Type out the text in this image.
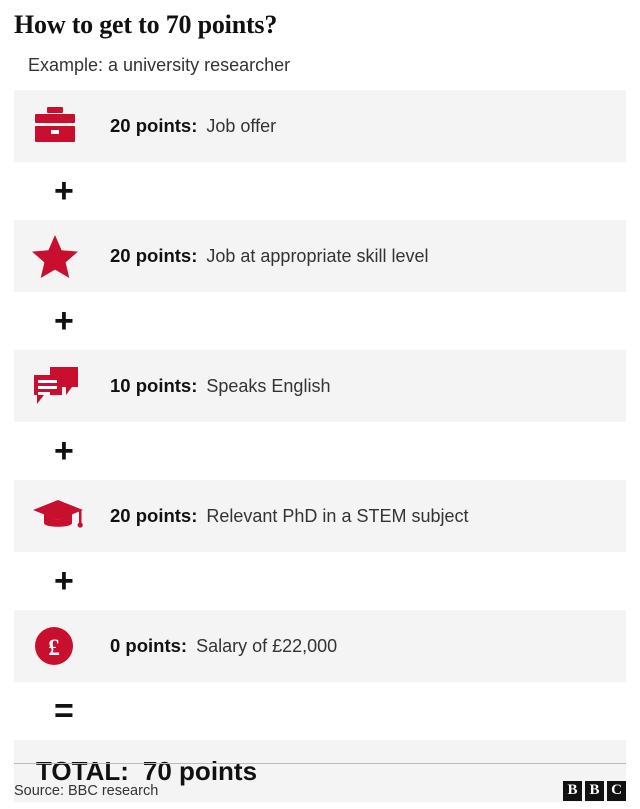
How to get to 70 points?
Example: a university researcher
20 points: Job offer
+
20 points: Job at appropriate skill level
+
10 points: Speaks English
+
20 points: Relevant PhD in a STEM subject
+
£	0 points: Salary of £22,000
=
TOTAL: 70 points
Source: BBC research	B B C
